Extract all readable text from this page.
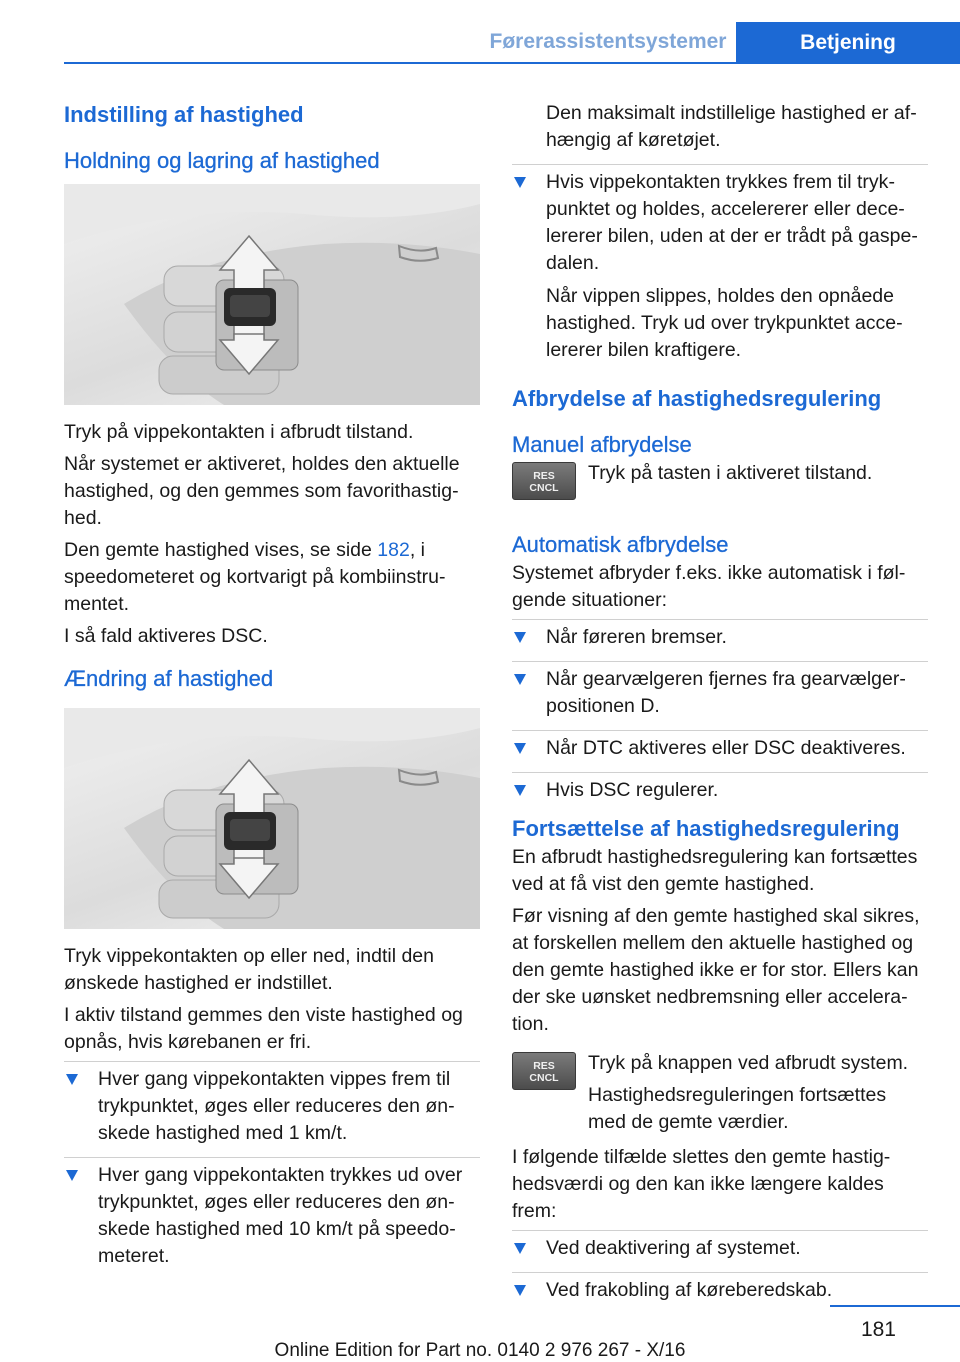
Førerassistentsystemer	Betjening
Indstilling af hastighed
Holdning og lagring af hastighed

Tryk på vippekontakten i afbrudt tilstand.

Når systemet er aktiveret, holdes den aktuelle hastighed, og den gemmes som favorithastighed.

Den gemte hastighed vises, se side 182, i speedometeret og kortvarigt på kombiinstrumentet.

I så fald aktiveres DSC.

Ændring af hastighed

Tryk vippekontakten op eller ned, indtil den ønskede hastighed er indstillet.

I aktiv tilstand gemmes den viste hastighed og opnås, hvis kørebanen er fri.

Hver gang vippekontakten vippes frem til trykpunktet, øges eller reduceres den ønskede hastighed med 1 km/t.
Hver gang vippekontakten trykkes ud over trykpunktet, øges eller reduceres den ønskede hastighed med 10 km/t på speedometeret.

Den maksimalt indstillelige hastighed er afhængig af køretøjet.

Hvis vippekontakten trykkes frem til trykpunktet og holdes, accelererer eller decelererer bilen, uden at der er trådt på gaspedalen.

Når vippen slippes, holdes den opnåede hastighed. Tryk ud over trykpunktet accelererer bilen kraftigere.

Afbrydelse af hastighedsregulering
Manuel afbrydelse
RES
CNCL

Tryk på tasten i aktiveret tilstand.

Automatisk afbrydelse

Systemet afbryder f.eks. ikke automatisk i følgende situationer:

Når føreren bremser.
Når gearvælgeren fjernes fra gearvælgerpositionen D.
Når DTC aktiveres eller DSC deaktiveres.
Hvis DSC regulerer.
Fortsættelse af hastighedsregulering

En afbrudt hastighedsregulering kan fortsættes ved at få vist den gemte hastighed.

Før visning af den gemte hastighed skal sikres, at forskellen mellem den aktuelle hastighed og den gemte hastighed ikke er for stor. Ellers kan der ske uønsket nedbremsning eller acceleration.

RES
CNCL

Tryk på knappen ved afbrudt system.

Hastighedsreguleringen fortsættes med de gemte værdier.

I følgende tilfælde slettes den gemte hastighedsværdi og den kan ikke længere kaldes frem:

Ved deaktivering af systemet.
Ved frakobling af køreberedskab.
181
Online Edition for Part no. 0140 2 976 267 - X/16
